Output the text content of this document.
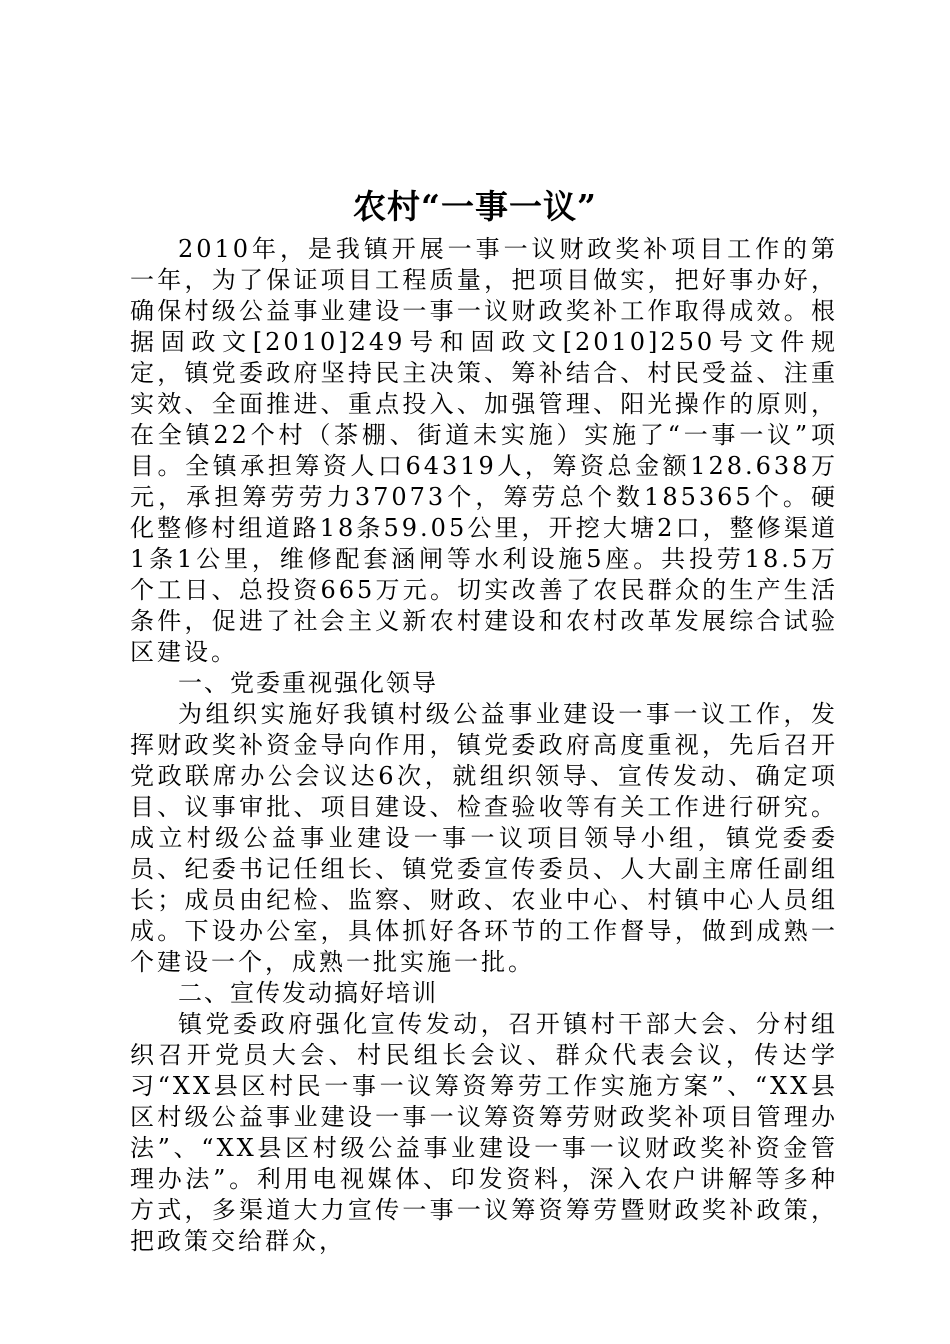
农村“一事一议”

2010年，是我镇开展一事一议财政奖补项目工作的第一年，为了保证项目工程质量，把项目做实，把好事办好，确保村级公益事业建设一事一议财政奖补工作取得成效。根据固政文[2010]249号和固政文[2010]250号文件规定，镇党委政府坚持民主决策、筹补结合、村民受益、注重实效、全面推进、重点投入、加强管理、阳光操作的原则，在全镇22个村（茶棚、街道未实施）实施了“一事一议”项目。全镇承担筹资人口64319人，筹资总金额128.638万元，承担筹劳劳力37073个，筹劳总个数185365个。硬化整修村组道路18条59.05公里，开挖大塘2口，整修渠道1条1公里，维修配套涵闸等水利设施5座。共投劳18.5万个工日、总投资665万元。切实改善了农民群众的生产生活条件，促进了社会主义新农村建设和农村改革发展综合试验区建设。

一、党委重视强化领导

为组织实施好我镇村级公益事业建设一事一议工作，发挥财政奖补资金导向作用，镇党委政府高度重视，先后召开党政联席办公会议达6次，就组织领导、宣传发动、确定项目、议事审批、项目建设、检查验收等有关工作进行研究。成立村级公益事业建设一事一议项目领导小组，镇党委委员、纪委书记任组长、镇党委宣传委员、人大副主席任副组长；成员由纪检、监察、财政、农业中心、村镇中心人员组成。下设办公室，具体抓好各环节的工作督导，做到成熟一个建设一个，成熟一批实施一批。

二、宣传发动搞好培训

镇党委政府强化宣传发动，召开镇村干部大会、分村组织召开党员大会、村民组长会议、群众代表会议，传达学习“XX县区村民一事一议筹资筹劳工作实施方案”、“XX县区村级公益事业建设一事一议筹资筹劳财政奖补项目管理办法”、“XX县区村级公益事业建设一事一议财政奖补资金管理办法”。利用电视媒体、印发资料，深入农户讲解等多种方式，多渠道大力宣传一事一议筹资筹劳暨财政奖补政策，把政策交给群众，
